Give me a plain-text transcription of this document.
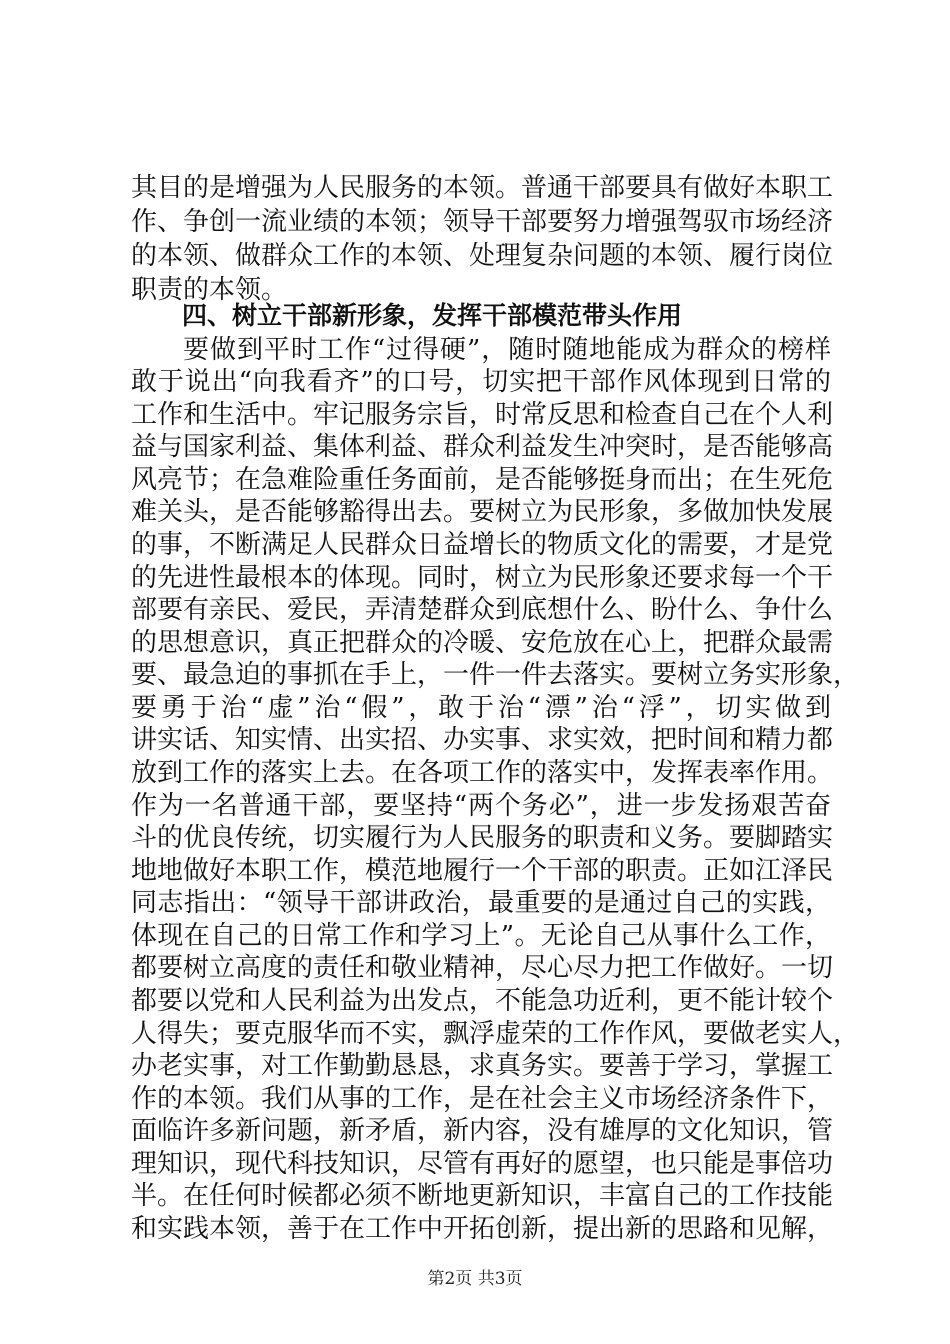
其目的是增强为人民服务的本领。普通干部要具有做好本职工
作、争创一流业绩的本领；领导干部要努力增强驾驭市场经济
的本领、做群众工作的本领、处理复杂问题的本领、履行岗位
职责的本领。
四、树立干部新形象，发挥干部模范带头作用
要做到平时工作“过得硬”，随时随地能成为群众的榜样
敢于说出“向我看齐”的口号，切实把干部作风体现到日常的
工作和生活中。牢记服务宗旨，时常反思和检查自己在个人利
益与国家利益、集体利益、群众利益发生冲突时，是否能够高
风亮节；在急难险重任务面前，是否能够挺身而出；在生死危
难关头，是否能够豁得出去。要树立为民形象，多做加快发展
的事，不断满足人民群众日益增长的物质文化的需要，才是党
的先进性最根本的体现。同时，树立为民形象还要求每一个干
部要有亲民、爱民，弄清楚群众到底想什么、盼什么、争什么
的思想意识，真正把群众的冷暖、安危放在心上，把群众最需
要、最急迫的事抓在手上，一件一件去落实。要树立务实形象，
要勇于治“虚”治“假”，敢于治“漂”治“浮”，切实做到
讲实话、知实情、出实招、办实事、求实效，把时间和精力都
放到工作的落实上去。在各项工作的落实中，发挥表率作用。
作为一名普通干部，要坚持“两个务必”，进一步发扬艰苦奋
斗的优良传统，切实履行为人民服务的职责和义务。要脚踏实
地地做好本职工作，模范地履行一个干部的职责。正如江泽民
同志指出：“领导干部讲政治，最重要的是通过自己的实践，
体现在自己的日常工作和学习上”。无论自己从事什么工作，
都要树立高度的责任和敬业精神，尽心尽力把工作做好。一切
都要以党和人民利益为出发点，不能急功近利，更不能计较个
人得失；要克服华而不实，飘浮虚荣的工作作风，要做老实人，
办老实事，对工作勤勤恳恳，求真务实。要善于学习，掌握工
作的本领。我们从事的工作，是在社会主义市场经济条件下，
面临许多新问题，新矛盾，新内容，没有雄厚的文化知识，管
理知识，现代科技知识，尽管有再好的愿望，也只能是事倍功
半。在任何时候都必须不断地更新知识，丰富自己的工作技能
和实践本领，善于在工作中开拓创新，提出新的思路和见解，
第2页 共3页
